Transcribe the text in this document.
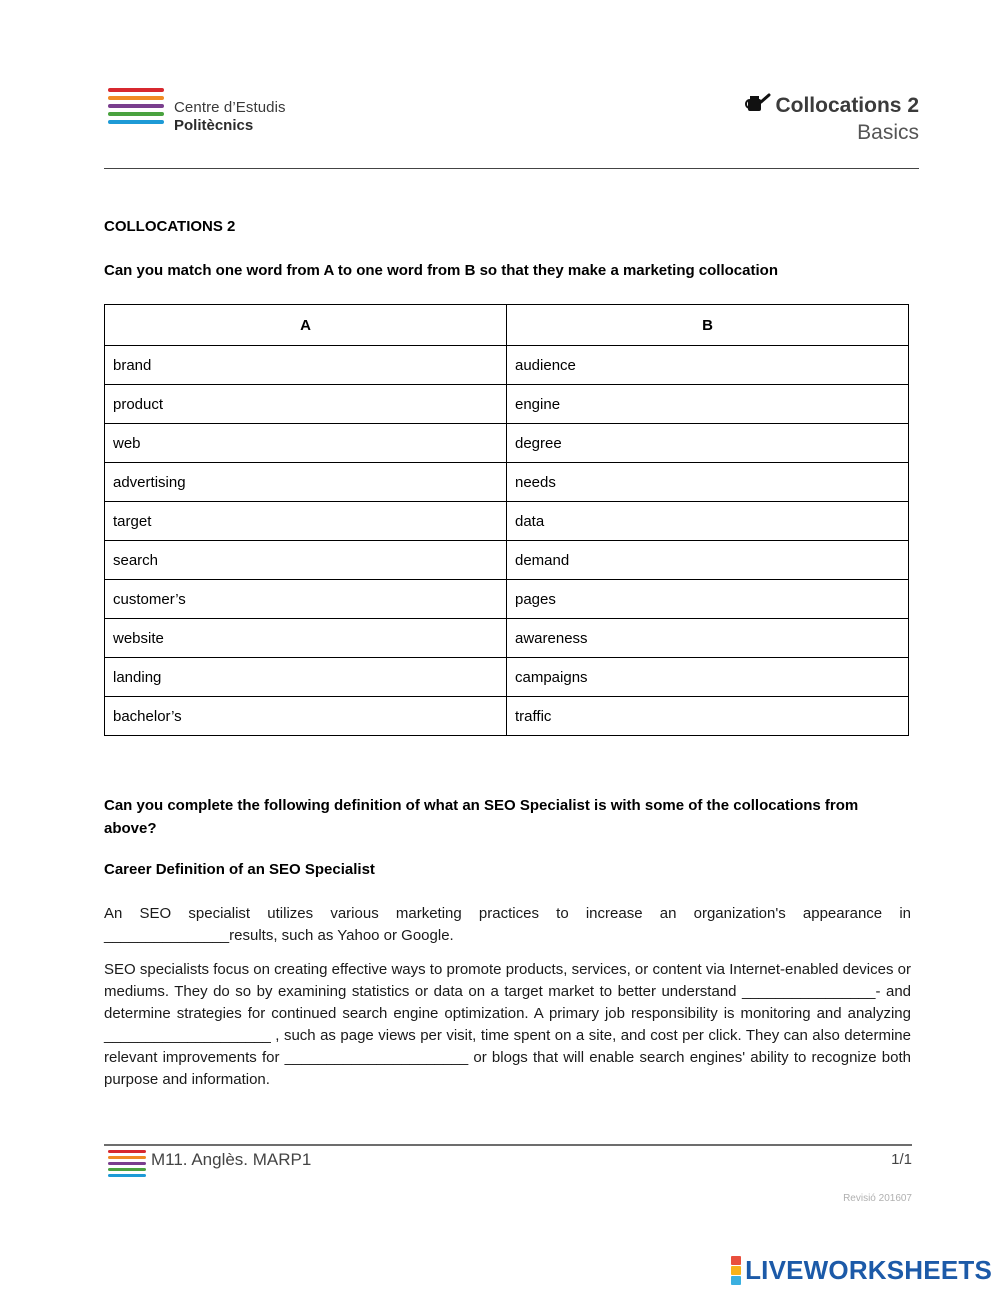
Centre d’Estudis
Politècnics
Collocations 2
Basics
COLLOCATIONS 2
Can you match one word from A to one word from B so that they make a marketing collocation
A	B
brand	audience
product	engine
web	degree
advertising	needs
target	data
search	demand
customer’s	pages
website	awareness
landing	campaigns
bachelor’s	traffic
Can you complete the following definition of what an SEO Specialist is with some of the collocations from above?
Career Definition of an SEO Specialist
An SEO specialist utilizes various marketing practices to increase an organization's appearance in _______________results, such as Yahoo or Google.
SEO specialists focus on creating effective ways to promote products, services, or content via Internet-enabled devices or mediums. They do so by examining statistics or data on a target market to better understand ________________- and determine strategies for continued search engine optimization. A primary job responsibility is monitoring and analyzing ____________________ , such as page views per visit, time spent on a site, and cost per click. They can also determine relevant improvements for ______________________ or blogs that will enable search engines' ability to recognize both purpose and information.
M11. Anglès. MARP1	1/1
Revisió 201607
LIVEWORKSHEETS
